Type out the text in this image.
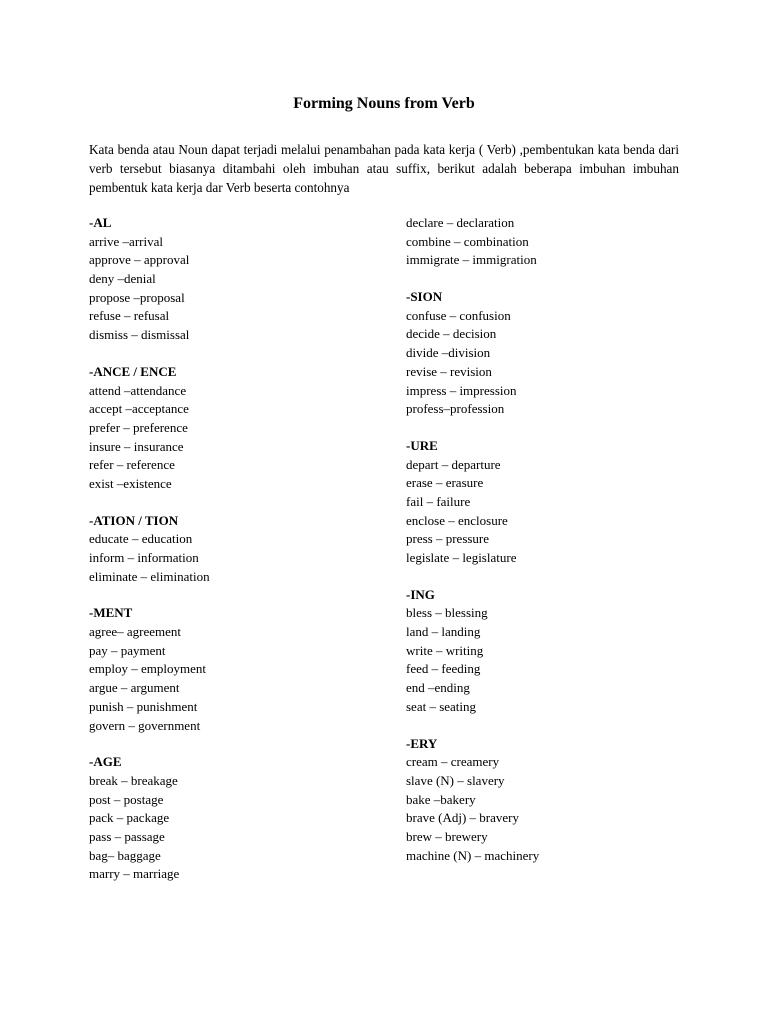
Forming Nouns from Verb
Kata benda atau Noun dapat terjadi melalui penambahan pada kata kerja ( Verb) ,pembentukan kata benda dari verb tersebut biasanya ditambahi oleh imbuhan atau suffix, berikut adalah beberapa imbuhan imbuhan pembentuk kata kerja dar Verb beserta contohnya
-AL
arrive –arrival
approve – approval
deny –denial
propose –proposal
refuse – refusal
dismiss – dismissal
-ANCE / ENCE
attend –attendance
accept –acceptance
prefer – preference
insure – insurance
refer – reference
exist –existence
-ATION / TION
educate – education
inform – information
eliminate – elimination
-MENT
agree– agreement
pay – payment
employ – employment
argue – argument
punish – punishment
govern – government
-AGE
break – breakage
post – postage
pack – package
pass – passage
bag– baggage
marry – marriage
declare – declaration
combine – combination
immigrate – immigration
-SION
confuse – confusion
decide – decision
divide –division
revise – revision
impress – impression
profess–profession
-URE
depart – departure
erase – erasure
fail – failure
enclose – enclosure
press – pressure
legislate – legislature
-ING
bless – blessing
land – landing
write – writing
feed – feeding
end –ending
seat – seating
-ERY
cream – creamery
slave (N) – slavery
bake –bakery
brave (Adj) – bravery
brew – brewery
machine (N) – machinery
